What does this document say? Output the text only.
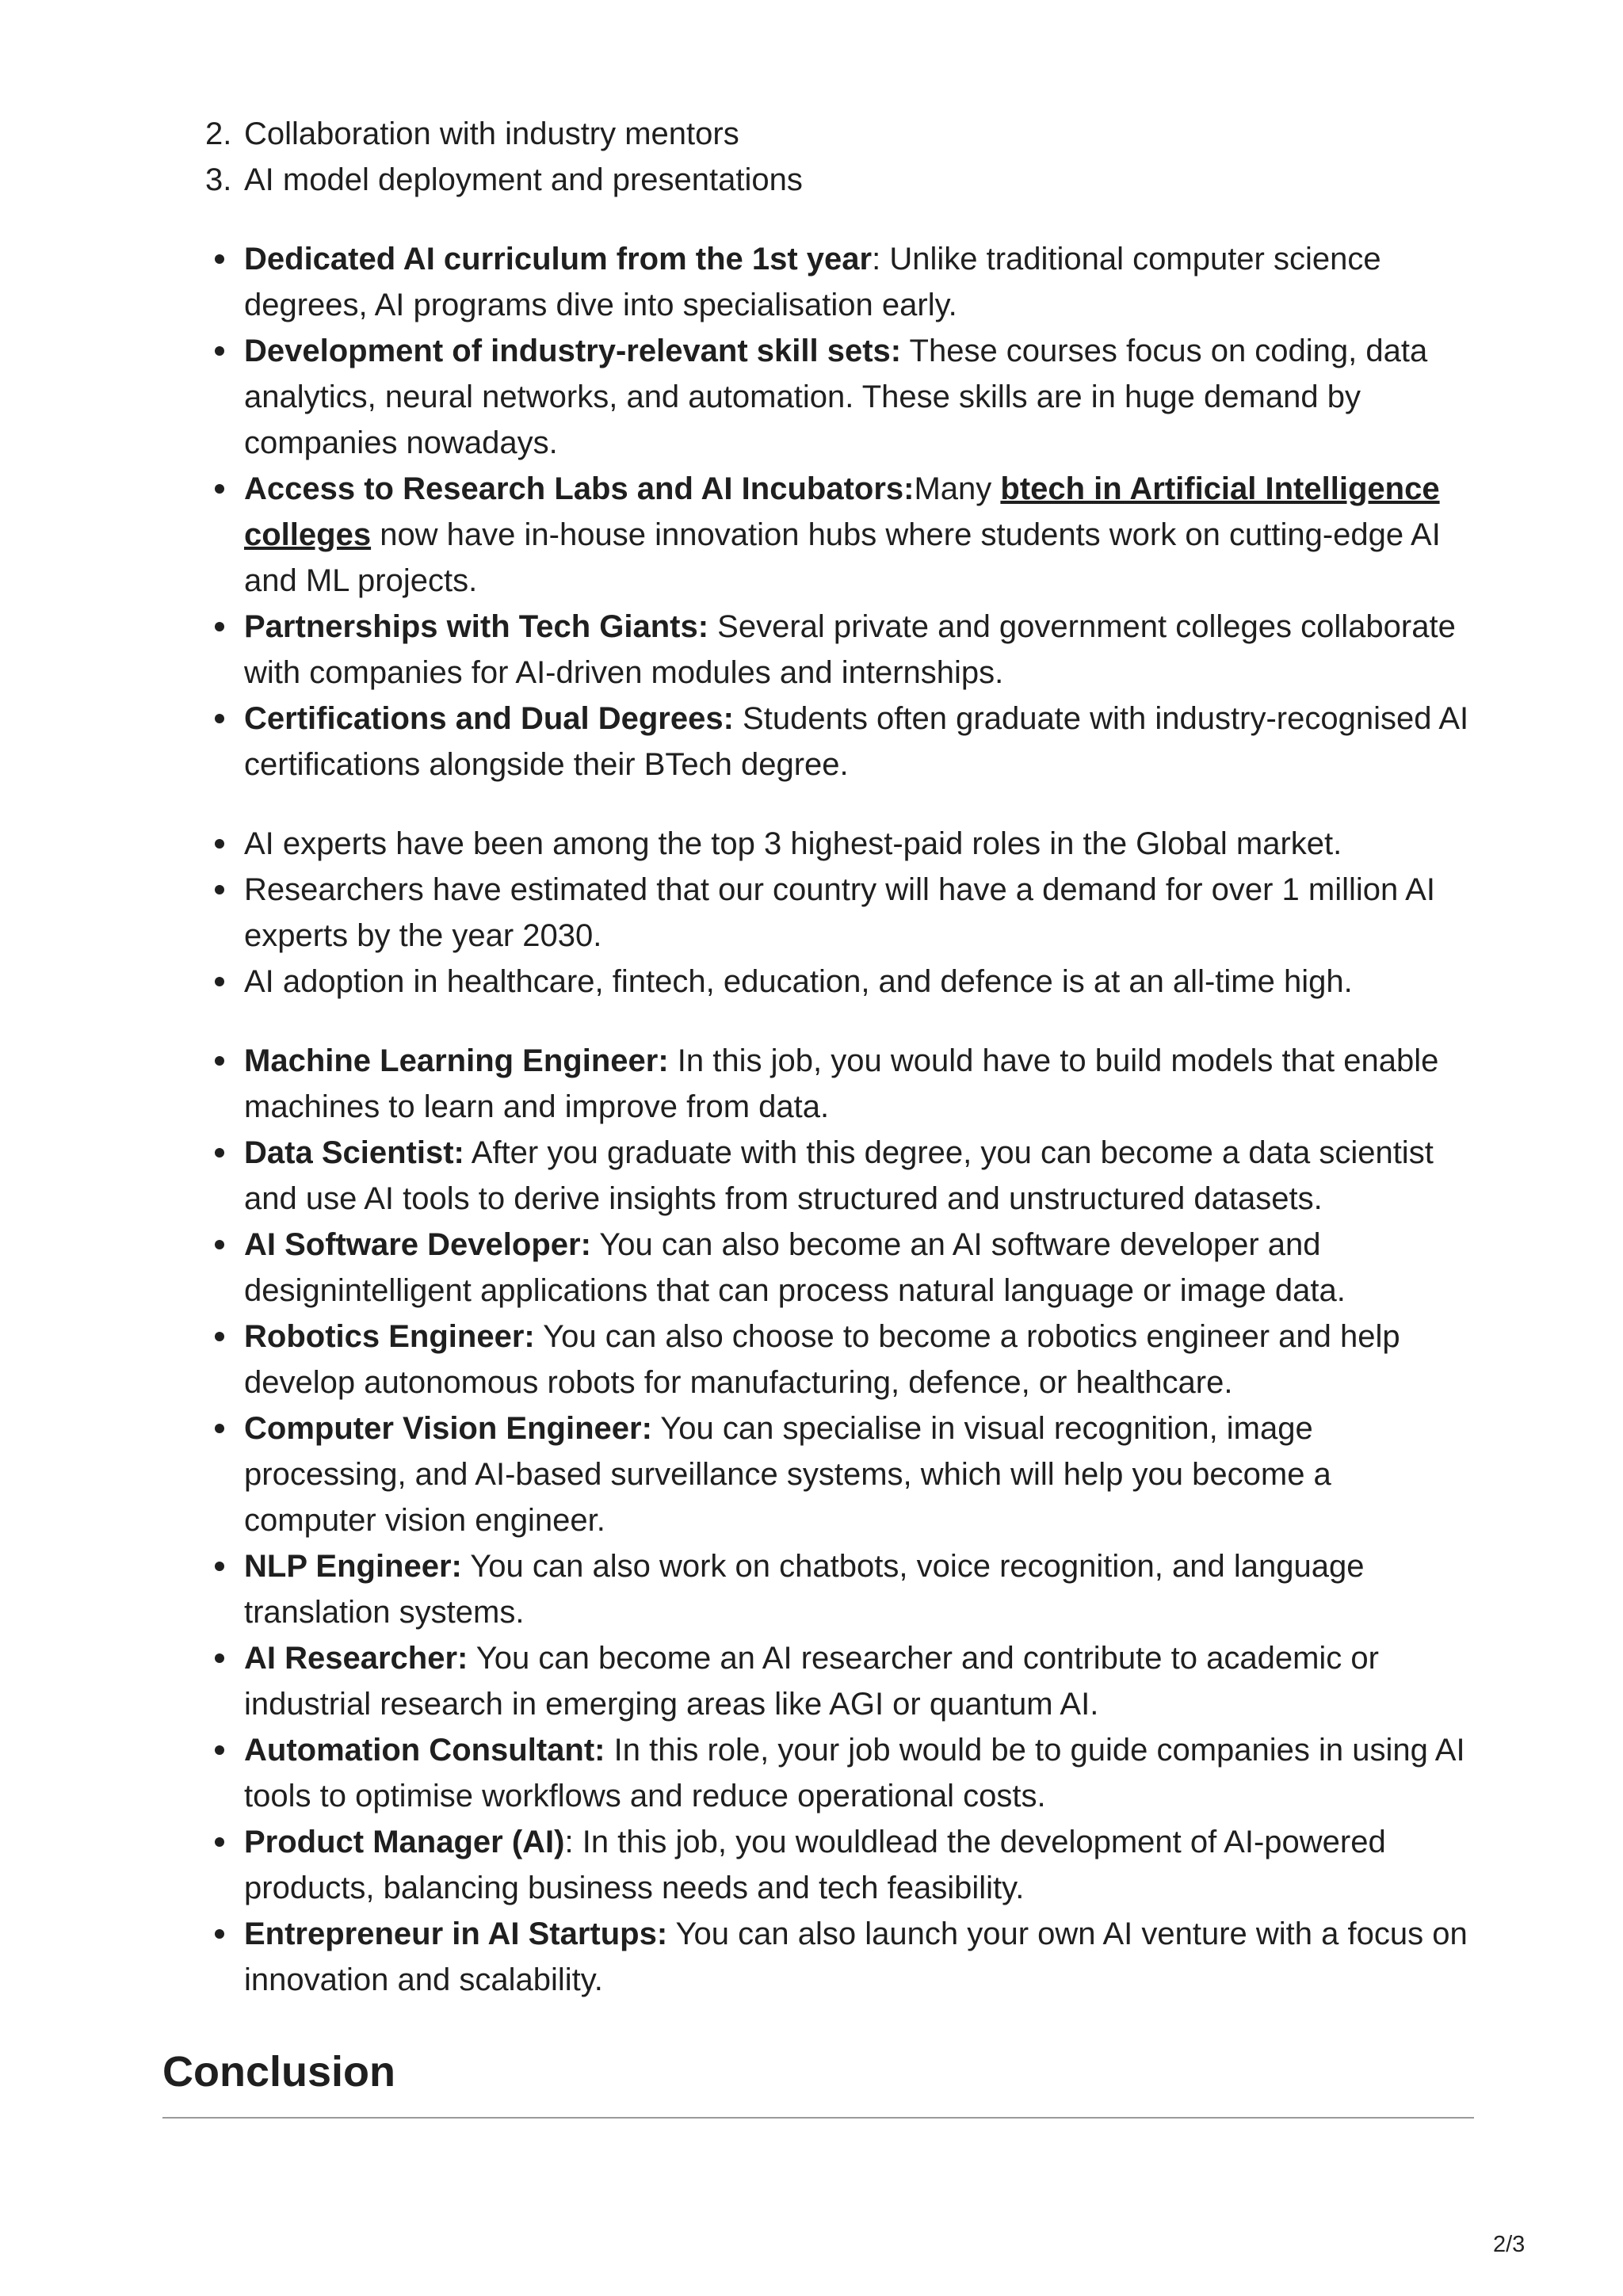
2. Collaboration with industry mentors
3. AI model deployment and presentations
Dedicated AI curriculum from the 1st year: Unlike traditional computer science degrees, AI programs dive into specialisation early.
Development of industry-relevant skill sets: These courses focus on coding, data analytics, neural networks, and automation. These skills are in huge demand by companies nowadays.
Access to Research Labs and AI Incubators:Many btech in Artificial Intelligence colleges now have in-house innovation hubs where students work on cutting-edge AI and ML projects.
Partnerships with Tech Giants: Several private and government colleges collaborate with companies for AI-driven modules and internships.
Certifications and Dual Degrees: Students often graduate with industry-recognised AI certifications alongside their BTech degree.
AI experts have been among the top 3 highest-paid roles in the Global market.
Researchers have estimated that our country will have a demand for over 1 million AI experts by the year 2030.
AI adoption in healthcare, fintech, education, and defence is at an all-time high.
Machine Learning Engineer: In this job, you would have to build models that enable machines to learn and improve from data.
Data Scientist: After you graduate with this degree, you can become a data scientist and use AI tools to derive insights from structured and unstructured datasets.
AI Software Developer: You can also become an AI software developer and designintelligent applications that can process natural language or image data.
Robotics Engineer: You can also choose to become a robotics engineer and help develop autonomous robots for manufacturing, defence, or healthcare.
Computer Vision Engineer: You can specialise in visual recognition, image processing, and AI-based surveillance systems, which will help you become a computer vision engineer.
NLP Engineer: You can also work on chatbots, voice recognition, and language translation systems.
AI Researcher: You can become an AI researcher and contribute to academic or industrial research in emerging areas like AGI or quantum AI.
Automation Consultant: In this role, your job would be to guide companies in using AI tools to optimise workflows and reduce operational costs.
Product Manager (AI): In this job, you wouldlead the development of AI-powered products, balancing business needs and tech feasibility.
Entrepreneur in AI Startups: You can also launch your own AI venture with a focus on innovation and scalability.
Conclusion
2/3
